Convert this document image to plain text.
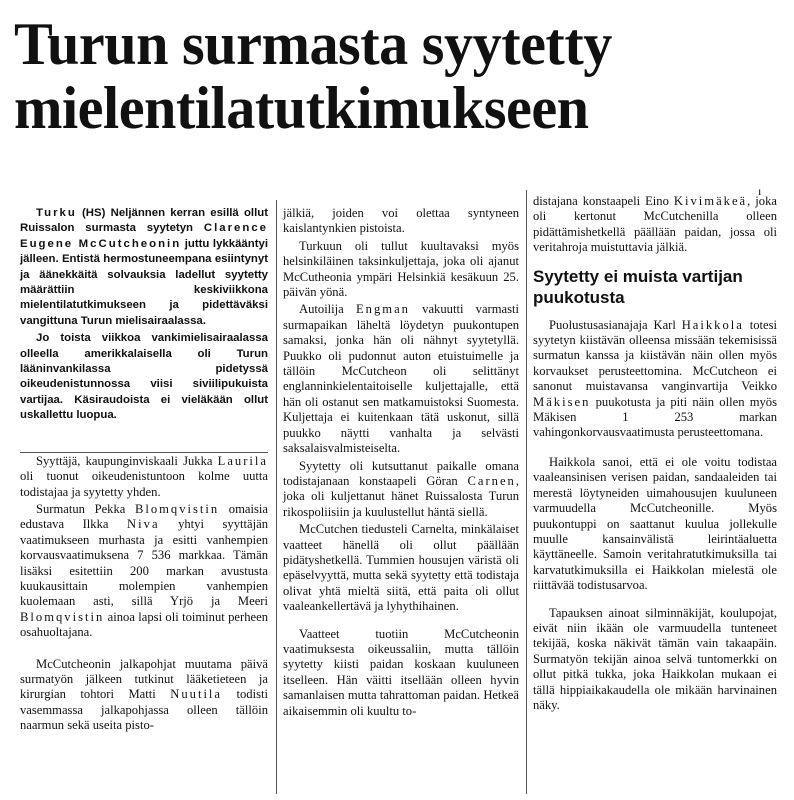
Turun surmasta syytetty mielentilatutkimukseen
ı

Turku (HS) Neljännen kerran esillä ollut Ruissalon surmasta syytetyn Clarence Eugene McCutcheonin juttu lykkääntyi jälleen. Entistä hermostuneempana esiintynyt ja äänekkäitä solvauksia ladellut syytetty määrättiin keskiviikkona mielentilatutkimukseen ja pidettäväksi vangittuna Turun mielisairaalassa.

Jo toista viikkoa vankimielisairaalassa olleella amerikkalaisella oli Turun lääninvankilassa pidetyssä oikeudenistunnossa viisi siviilipukuista vartijaa. Käsiraudoista ei vieläkään ollut uskallettu luopua.

Syyttäjä, kaupunginviskaali Jukka Laurila oli tuonut oikeudenistuntoon kolme uutta todistajaa ja syytetty yhden.

Surmatun Pekka Blomqvistin omaisia edustava Ilkka Niva yhtyi syyttäjän vaatimukseen murhasta ja esitti vanhempien korvausvaatimuksena 7 536 markkaa. Tämän lisäksi esitettiin 200 markan avustusta kuukausittain molempien vanhempien kuolemaan asti, sillä Yrjö ja Meeri Blomqvistin ainoa lapsi oli toiminut perheen osahuoltajana.

McCutcheonin jalkapohjat muutama päivä surmatyön jälkeen tutkinut lääketieteen ja kirurgian tohtori Matti Nuutila todisti vasemmassa jalkapohjassa olleen tällöin naarmun sekä useita pisto-

jälkiä, joiden voi olettaa syntyneen kaislantynkien pistoista.

Turkuun oli tullut kuultavaksi myös helsinkiläinen taksinkuljettaja, joka oli ajanut McCutheonia ympäri Helsinkiä kesäkuun 25. päivän yönä.

Autoilija Engman vakuutti varmasti surmapaikan läheltä löydetyn puukontupen samaksi, jonka hän oli nähnyt syytetyllä. Puukko oli pudonnut auton etuistuimelle ja tällöin McCutcheon oli selittänyt englanninkielentaitoiselle kuljettajalle, että hän oli ostanut sen matkamuistoksi Suomesta. Kuljettaja ei kuitenkaan tätä uskonut, sillä puukko näytti vanhalta ja selvästi saksalaisvalmisteiselta.

Syytetty oli kutsuttanut paikalle omana todistajanaan konstaapeli Göran Carnen, joka oli kuljettanut hänet Ruissalosta Turun rikospoliisiin ja kuulustellut häntä siellä.

McCutchen tiedusteli Carnelta, minkälaiset vaatteet hänellä oli ollut päällään pidätyshetkellä. Tummien housujen väristä oli epäselvyyttä, mutta sekä syytetty että todistaja olivat yhtä mieltä siitä, että paita oli ollut vaaleankellertävä ja lyhythihainen.

Vaatteet tuotiin McCutcheonin vaatimuksesta oikeussaliin, mutta tällöin syytetty kiisti paidan koskaan kuuluneen itselleen. Hän väitti itsellään olleen hyvin samanlaisen mutta tahrattoman paidan. Hetkeä aikaisemmin oli kuultu to-

distajana konstaapeli Eino Kivimäkeä, joka oli kertonut McCutchenilla olleen pidättämishetkellä päällään paidan, jossa oli veritahroja muistuttavia jälkiä.

Syytetty ei muista vartijan puukotusta

Puolustusasianajaja Karl Haikkola totesi syytetyn kiistävän olleensa missään tekemisissä surmatun kanssa ja kiistävän näin ollen myös korvaukset perusteettomina. McCutcheon ei sanonut muistavansa vanginvartija Veikko Mäkisen puukotusta ja piti näin ollen myös Mäkisen 1 253 markan vahingonkorvausvaatimusta perusteettomana.

Haikkola sanoi, että ei ole voitu todistaa vaaleansinisen verisen paidan, sandaaleiden tai merestä löytyneiden uimahousujen kuuluneen varmuudella McCutcheonille. Myös puukontuppi on saattanut kuulua jollekulle muulle kansainvälistä leirintäaluetta käyttäneelle. Samoin veritahratutkimuksilla tai karvatutkimuksilla ei Haikkolan mielestä ole riittävää todistusarvoa.

Tapauksen ainoat silminnäkijät, koulupojat, eivät niin ikään ole varmuudella tunteneet tekijää, koska näkivät tämän vain takaapäin. Surmatyön tekijän ainoa selvä tuntomerkki on ollut pitkä tukka, joka Haikkolan mukaan ei tällä hippiaikakaudella ole mikään harvinainen näky.
